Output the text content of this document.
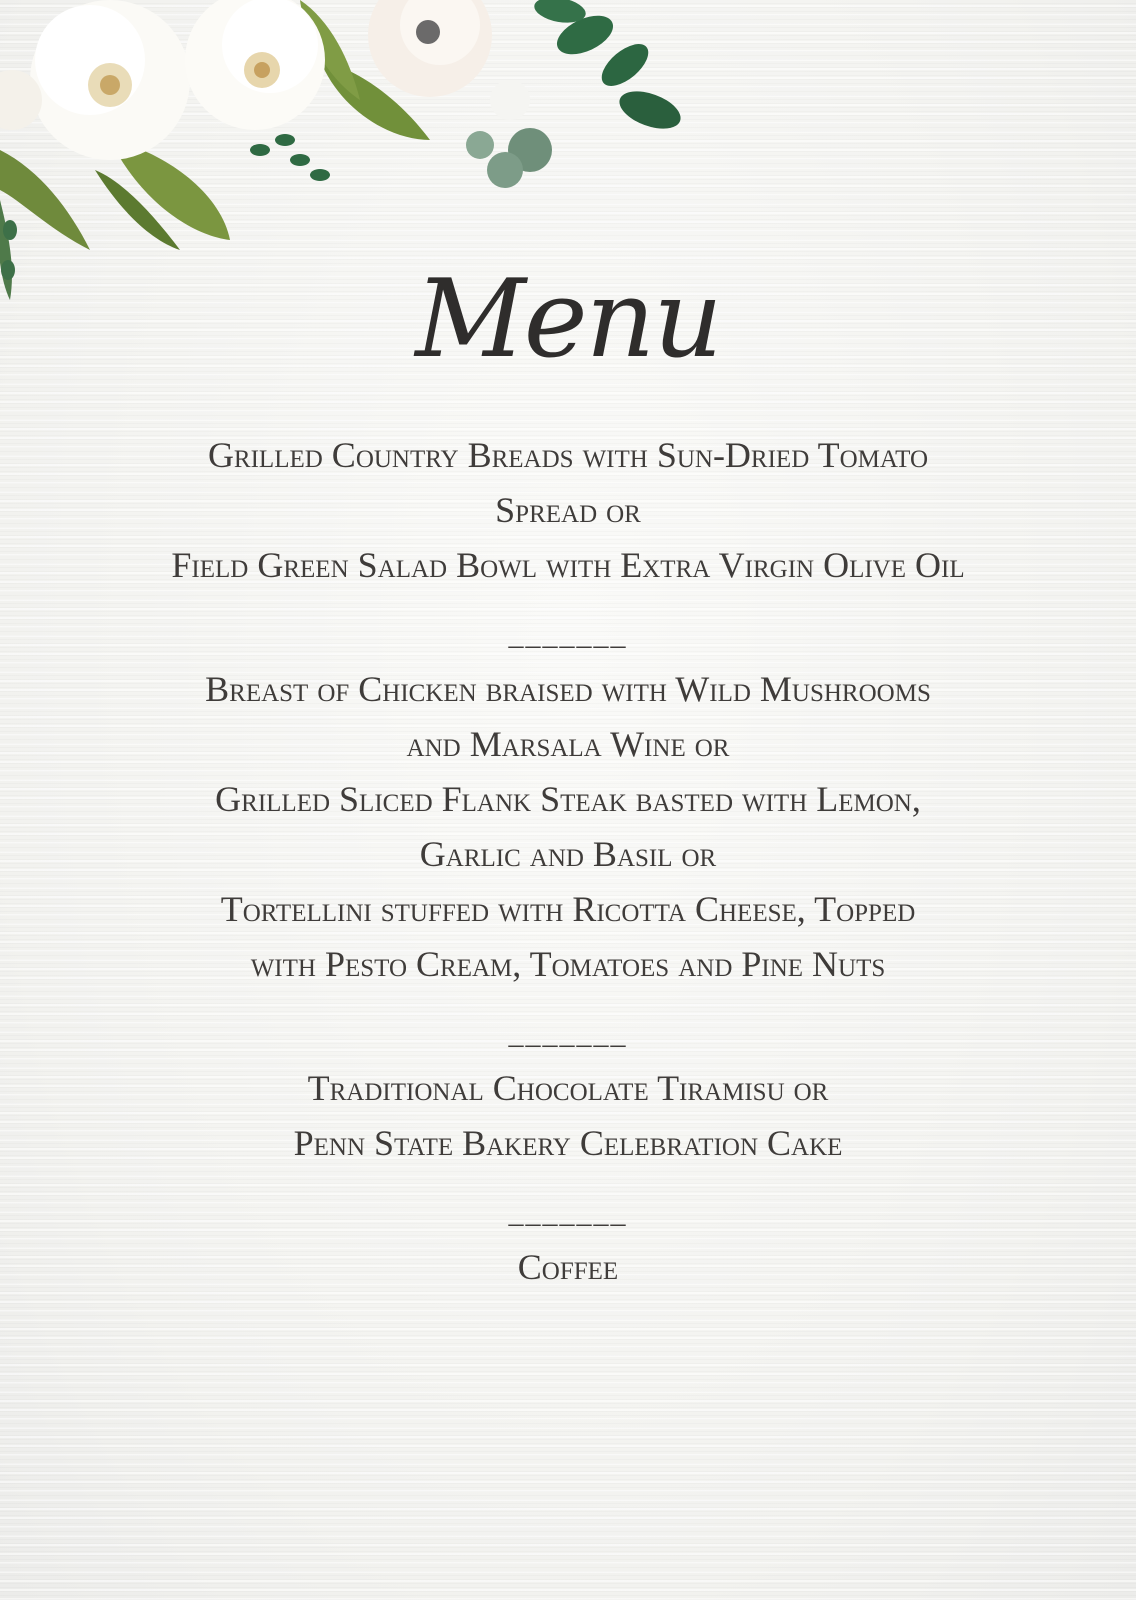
Menu
Grilled Country Breads with Sun-Dried Tomato
Spread or
Field Green Salad Bowl with Extra Virgin Olive Oil
_______
Breast of Chicken braised with Wild Mushrooms
and Marsala Wine or
Grilled Sliced Flank Steak basted with Lemon,
Garlic and Basil or
Tortellini stuffed with Ricotta Cheese, Topped
with Pesto Cream, Tomatoes and Pine Nuts
_______
Traditional Chocolate Tiramisu or
Penn State Bakery Celebration Cake
_______
Coffee
